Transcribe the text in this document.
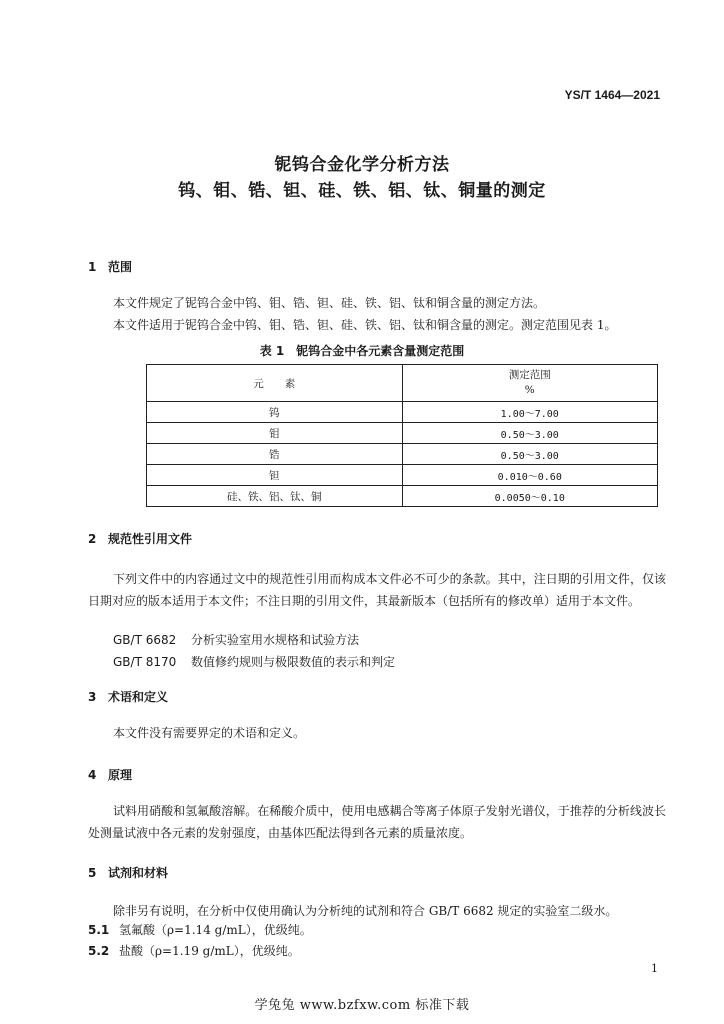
YS/T 1464—2021
铌钨合金化学分析方法
钨、钼、锆、钽、硅、铁、铝、钛、铜量的测定
1 范围
本文件规定了铌钨合金中钨、钼、锆、钽、硅、铁、铝、钛和铜含量的测定方法。
本文件适用于铌钨合金中钨、钼、锆、钽、硅、铁、铝、钛和铜含量的测定。测定范围见表 1。
表 1 铌钨合金中各元素含量测定范围
元　　素	测定范围
%

钨	1.00～7.00
钼	0.50～3.00
锆	0.50～3.00
钽	0.010～0.60
硅、铁、铝、钛、铜	0.0050～0.10
2 规范性引用文件
下列文件中的内容通过文中的规范性引用而构成本文件必不可少的条款。其中，注日期的引用文件，仅该日期对应的版本适用于本文件；不注日期的引用文件，其最新版本（包括所有的修改单）适用于本文件。
GB/T 6682 分析实验室用水规格和试验方法
GB/T 8170 数值修约规则与极限数值的表示和判定
3 术语和定义
本文件没有需要界定的术语和定义。
4 原理
试料用硝酸和氢氟酸溶解。在稀酸介质中，使用电感耦合等离子体原子发射光谱仪，于推荐的分析线波长处测量试液中各元素的发射强度，由基体匹配法得到各元素的质量浓度。
5 试剂和材料
除非另有说明，在分析中仅使用确认为分析纯的试剂和符合 GB/T 6682 规定的实验室二级水。
5.1 氢氟酸（ρ=1.14 g/mL），优级纯。
5.2 盐酸（ρ=1.19 g/mL），优级纯。
1
学兔兔 www.bzfxw.com 标准下载
